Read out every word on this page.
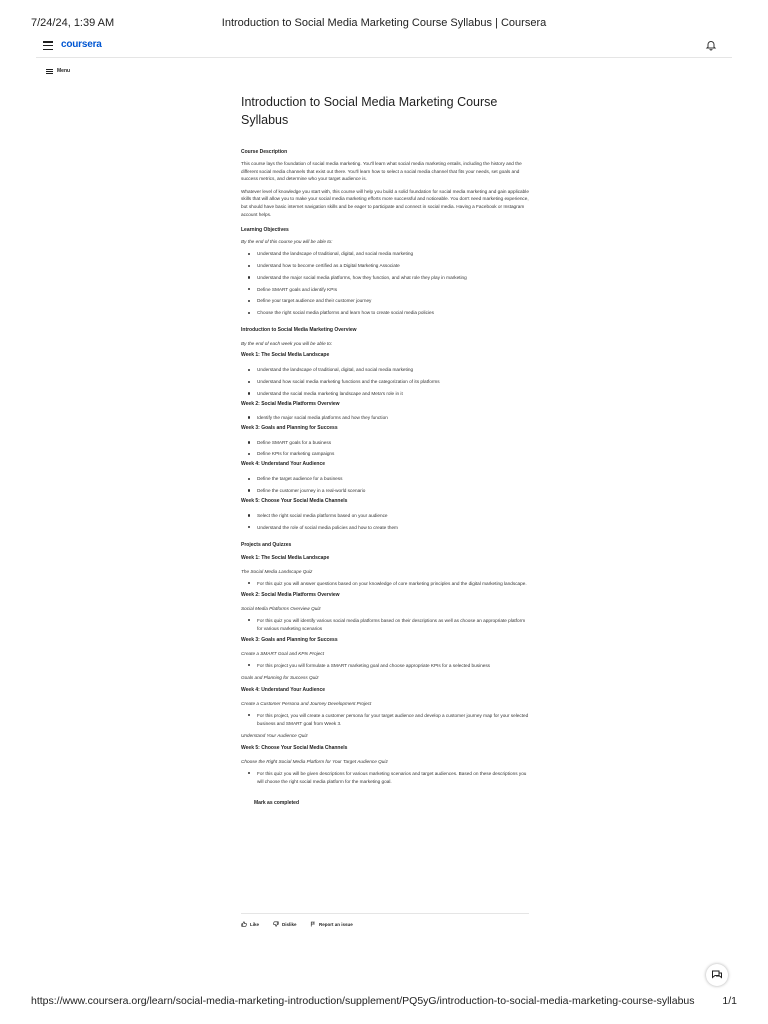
7/24/24, 1:39 AM	Introduction to Social Media Marketing Course Syllabus | Coursera
coursera
Menu
Introduction to Social Media Marketing Course Syllabus
Course Description
This course lays the foundation of social media marketing. You'll learn what social media marketing entails, including the history and the different social media channels that exist out there. You'll learn how to select a social media channel that fits your needs, set goals and success metrics, and determine who your target audience is.
Whatever level of knowledge you start with, this course will help you build a solid foundation for social media marketing and gain applicable skills that will allow you to make your social media marketing efforts more successful and noticeable. You don't need marketing experience, but should have basic internet navigation skills and be eager to participate and connect in social media. Having a Facebook or Instagram account helps.
Learning Objectives
By the end of this course you will be able to:
Understand the landscape of traditional, digital, and social media marketing
Understand how to become certified as a Digital Marketing Associate
Understand the major social media platforms, how they function, and what role they play in marketing
Define SMART goals and identify KPIs
Define your target audience and their customer journey
Choose the right social media platforms and learn how to create social media policies
Introduction to Social Media Marketing Overview
By the end of each week you will be able to:
Week 1: The Social Media Landscape
Understand the landscape of traditional, digital, and social media marketing
Understand how social media marketing functions and the categorization of its platforms
Understand the social media marketing landscape and Meta's role in it
Week 2: Social Media Platforms Overview
Identify the major social media platforms and how they function
Week 3: Goals and Planning for Success
Define SMART goals for a business
Define KPIs for marketing campaigns
Week 4: Understand Your Audience
Define the target audience for a business
Define the customer journey in a real-world scenario
Week 5: Choose Your Social Media Channels
Select the right social media platforms based on your audience
Understand the role of social media policies and how to create them
Projects and Quizzes
Week 1: The Social Media Landscape
The Social Media Landscape Quiz
For this quiz you will answer questions based on your knowledge of core marketing principles and the digital marketing landscape.
Week 2: Social Media Platforms Overview
Social Media Platforms Overview Quiz
For this quiz you will identify various social media platforms based on their descriptions as well as choose an appropriate platform for various marketing scenarios
Week 3: Goals and Planning for Success
Create a SMART Goal and KPIs Project
For this project you will formulate a SMART marketing goal and choose appropriate KPIs for a selected business
Goals and Planning for Success Quiz
Week 4: Understand Your Audience
Create a Customer Persona and Journey Development Project
For this project, you will create a customer persona for your target audience and develop a customer journey map for your selected business and SMART goal from Week 3.
Understand Your Audience Quiz
Week 5: Choose Your Social Media Channels
Choose the Right Social Media Platform for Your Target Audience Quiz
For this quiz you will be given descriptions for various marketing scenarios and target audiences. Based on these descriptions you will choose the right social media platform for the marketing goal.
Mark as completed
Like	Dislike	Report an issue
https://www.coursera.org/learn/social-media-marketing-introduction/supplement/PQ5yG/introduction-to-social-media-marketing-course-syllabus	1/1
